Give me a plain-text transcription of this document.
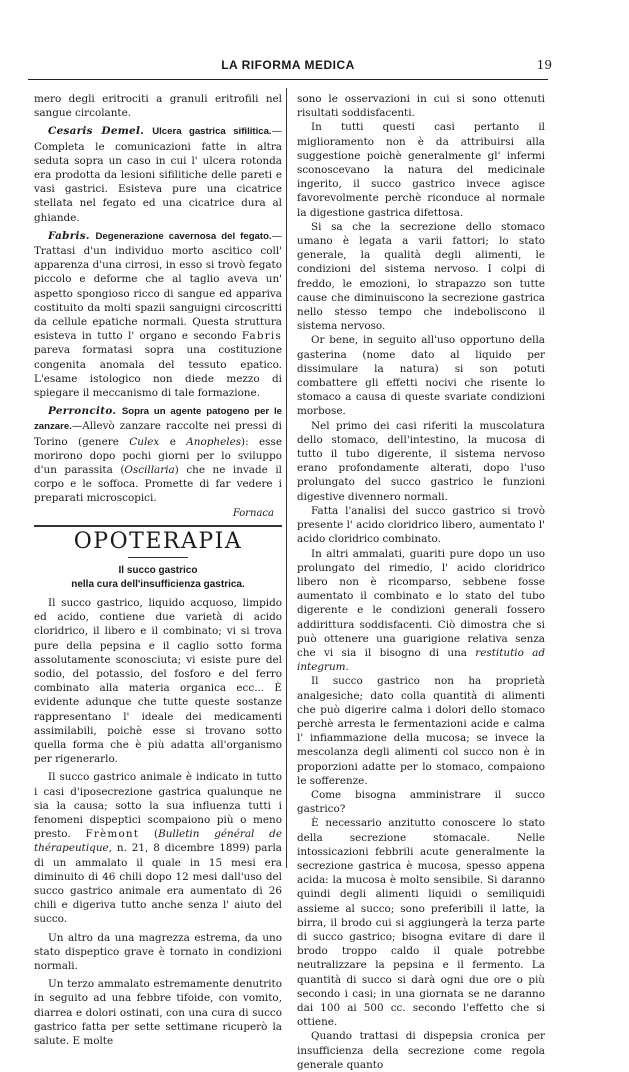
LA RIFORMA MEDICA	19

mero degli eritrociti a granuli eritrofili nel sangue circolante.

Cesaris Demel. Ulcera gastrica sifilitica.—Completa le comunicazioni fatte in altra seduta sopra un caso in cui l' ulcera rotonda era prodotta da lesioni sifilitiche delle pareti e vasi gastrici. Esisteva pure una cicatrice stellata nel fegato ed una cicatrice dura al ghiande.

Fabris. Degenerazione cavernosa del fegato.—Trattasi d'un individuo morto ascitico coll' apparenza d'una cirrosi, in esso si trovò fegato piccolo e deforme che al taglio aveva un' aspetto spongioso ricco di sangue ed appariva costituito da molti spazii sanguigni circoscritti da cellule epatiche normali. Questa struttura esisteva in tutto l' organo e secondo Fabris pareva formatasi sopra una costituzione congenita anomala del tessuto epatico. L'esame istologico non diede mezzo di spiegare il meccanismo di tale formazione.

Perroncito. Sopra un agente patogeno per le zanzare.—Allevò zanzare raccolte nei pressi di Torino (genere Culex e Anopheles): esse morirono dopo pochi giorni per lo sviluppo d'un parassita (Oscillaria) che ne invade il corpo e le soffoca. Promette di far vedere i preparati microscopici.

Fornaca

OPOTERAPIA

Il succo gastrico

nella cura dell'insufficienza gastrica.

Il succo gastrico, liquido acquoso, limpido ed acido, contiene due varietà di acido cloridrico, il libero e il combinato; vi si trova pure della pepsina e il caglio sotto forma assolutamente sconosciuta; vi esiste pure del sodio, del potassio, del fosforo e del ferro combinato alla materia organica ecc... È evidente adunque che tutte queste sostanze rappresentano l' ideale dei medicamenti assimilabili, poichè esse si trovano sotto quella forma che è più adatta all'organismo per rigenerarlo.

Il succo gastrico animale è indicato in tutto i casi d'iposecrezione gastrica qualunque ne sia la causa; sotto la sua influenza tutti i fenomeni dispeptici scompaiono più o meno presto. Frèmont (Bulletin général de thérapeutique, n. 21, 8 dicembre 1899) parla di un ammalato il quale in 15 mesi era diminuito di 46 chili dopo 12 mesi dall'uso del succo gastrico animale era aumentato di 26 chili e digeriva tutto anche senza l' aiuto del succo.

Un altro da una magrezza estrema, da uno stato dispeptico grave è tornato in condizioni normali.

Un terzo ammalato estremamente denutrito in seguito ad una febbre tifoide, con vomito, diarrea e dolori ostinati, con una cura di succo gastrico fatta per sette settimane ricuperò la salute. E molte

sono le osservazioni in cui si sono ottenuti risultati soddisfacenti.

In tutti questi casi pertanto il miglioramento non è da attribuirsi alla suggestione poichè generalmente gl' infermi sconoscevano la natura del medicinale ingerito, il succo gastrico invece agisce favorevolmente perchè riconduce al normale la digestione gastrica difettosa.

Si sa che la secrezione dello stomaco umano è legata a varii fattori; lo stato generale, la qualità degli alimenti, le condizioni del sistema nervoso. I colpi di freddo, le emozioni, lo strapazzo son tutte cause che diminuiscono la secrezione gastrica nello stesso tempo che indeboliscono il sistema nervoso.

Or bene, in seguito all'uso opportuno della gasterina (nome dato al liquido per dissimulare la natura) si son potuti combattere gli effetti nocivi che risente lo stomaco a causa di queste svariate condizioni morbose.

Nel primo dei casi riferiti la muscolatura dello stomaco, dell'intestino, la mucosa di tutto il tubo digerente, il sistema nervoso erano profondamente alterati, dopo l'uso prolungato del succo gastrico le funzioni digestive divennero normali.

Fatta l'analisi del succo gastrico si trovò presente l' acido cloridrico libero, aumentato l' acido cloridrico combinato.

In altri ammalati, guariti pure dopo un uso prolungato del rimedio, l' acido cloridrico libero non è ricomparso, sebbene fosse aumentato il combinato e lo stato del tubo digerente e le condizioni generali fossero addirittura soddisfacenti. Ciò dimostra che si può ottenere una guarigione relativa senza che vi sia il bisogno di una restitutio ad integrum.

Il succo gastrico non ha proprietà analgesiche; dato colla quantità di alimenti che può digerire calma i dolori dello stomaco perchè arresta le fermentazioni acide e calma l' infiammazione della mucosa; se invece la mescolanza degli alimenti col succo non è in proporzioni adatte per lo stomaco, compaiono le sofferenze.

Come bisogna amministrare il succo gastrico?

È necessario anzitutto conoscere lo stato della secrezione stomacale. Nelle intossicazioni febbrili acute generalmente la secrezione gastrica è mucosa, spesso appena acida: la mucosa è molto sensibile. Si daranno quindi degli alimenti liquidi o semiliquidi assieme al succo; sono preferibili il latte, la birra, il brodo cui si aggiungerà la terza parte di succo gastrico; bisogna evitare di dare il brodo troppo caldo il quale potrebbe neutralizzare la pepsina e il fermento. La quantità di succo si darà ogni due ore o più secondo i casi; in una giornata se ne daranno dai 100 ai 500 cc. secondo l'effetto che si ottiene.

Quando trattasi di dispepsia cronica per insufficienza della secrezione come regola generale quanto
